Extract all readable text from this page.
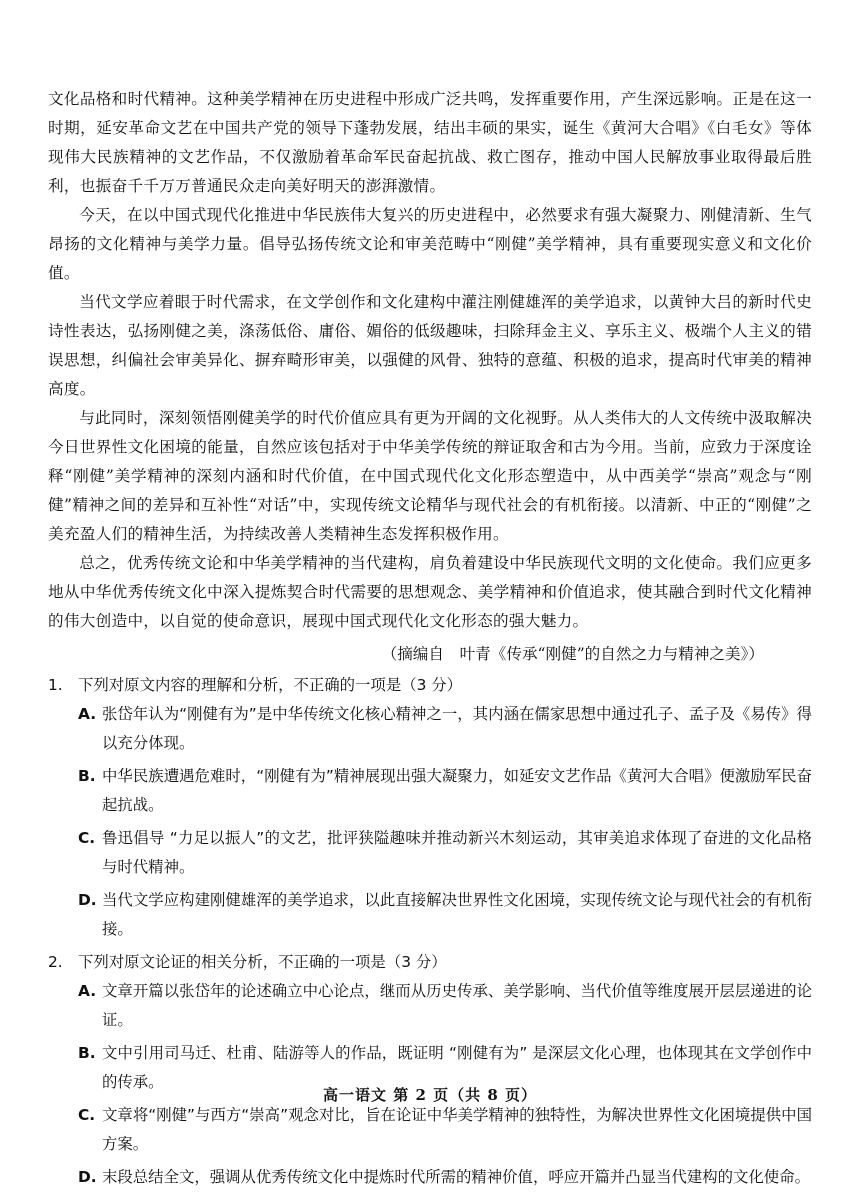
文化品格和时代精神。这种美学精神在历史进程中形成广泛共鸣，发挥重要作用，产生深远影响。正是在这一时期，延安革命文艺在中国共产党的领导下蓬勃发展，结出丰硕的果实，诞生《黄河大合唱》《白毛女》等体现伟大民族精神的文艺作品，不仅激励着革命军民奋起抗战、救亡图存，推动中国人民解放事业取得最后胜利，也振奋千千万万普通民众走向美好明天的澎湃激情。

今天，在以中国式现代化推进中华民族伟大复兴的历史进程中，必然要求有强大凝聚力、刚健清新、生气昂扬的文化精神与美学力量。倡导弘扬传统文论和审美范畴中“刚健”美学精神，具有重要现实意义和文化价值。

当代文学应着眼于时代需求，在文学创作和文化建构中灌注刚健雄浑的美学追求，以黄钟大吕的新时代史诗性表达，弘扬刚健之美，涤荡低俗、庸俗、媚俗的低级趣味，扫除拜金主义、享乐主义、极端个人主义的错误思想，纠偏社会审美异化、摒弃畸形审美，以强健的风骨、独特的意蕴、积极的追求，提高时代审美的精神高度。

与此同时，深刻领悟刚健美学的时代价值应具有更为开阔的文化视野。从人类伟大的人文传统中汲取解决今日世界性文化困境的能量，自然应该包括对于中华美学传统的辩证取舍和古为今用。当前，应致力于深度诠释“刚健”美学精神的深刻内涵和时代价值，在中国式现代化文化形态塑造中，从中西美学“崇高”观念与“刚健”精神之间的差异和互补性“对话”中，实现传统文论精华与现代社会的有机衔接。以清新、中正的“刚健”之美充盈人们的精神生活，为持续改善人类精神生态发挥积极作用。

总之，优秀传统文论和中华美学精神的当代建构，肩负着建设中华民族现代文明的文化使命。我们应更多地从中华优秀传统文化中深入提炼契合时代需要的思想观念、美学精神和价值追求，使其融合到时代文化精神的伟大创造中，以自觉的使命意识，展现中国式现代化文化形态的强大魅力。

（摘编自　叶青《传承“刚健”的自然之力与精神之美》）
1. 下列对原文内容的理解和分析，不正确的一项是（3 分）
A. 张岱年认为“刚健有为”是中华传统文化核心精神之一，其内涵在儒家思想中通过孔子、孟子及《易传》得以充分体现。
B. 中华民族遭遇危难时，“刚健有为”精神展现出强大凝聚力，如延安文艺作品《黄河大合唱》便激励军民奋起抗战。
C. 鲁迅倡导 “力足以振人”的文艺，批评狭隘趣味并推动新兴木刻运动，其审美追求体现了奋进的文化品格与时代精神。
D. 当代文学应构建刚健雄浑的美学追求，以此直接解决世界性文化困境，实现传统文论与现代社会的有机衔接。
2. 下列对原文论证的相关分析，不正确的一项是（3 分）
A. 文章开篇以张岱年的论述确立中心论点，继而从历史传承、美学影响、当代价值等维度展开层层递进的论证。
B. 文中引用司马迁、杜甫、陆游等人的作品，既证明 “刚健有为” 是深层文化心理，也体现其在文学创作中的传承。
C. 文章将“刚健”与西方“崇高”观念对比，旨在论证中华美学精神的独特性，为解决世界性文化困境提供中国方案。
D. 末段总结全文，强调从优秀传统文化中提炼时代所需的精神价值，呼应开篇并凸显当代建构的文化使命。
高一语文 第 2 页（共 8 页）
